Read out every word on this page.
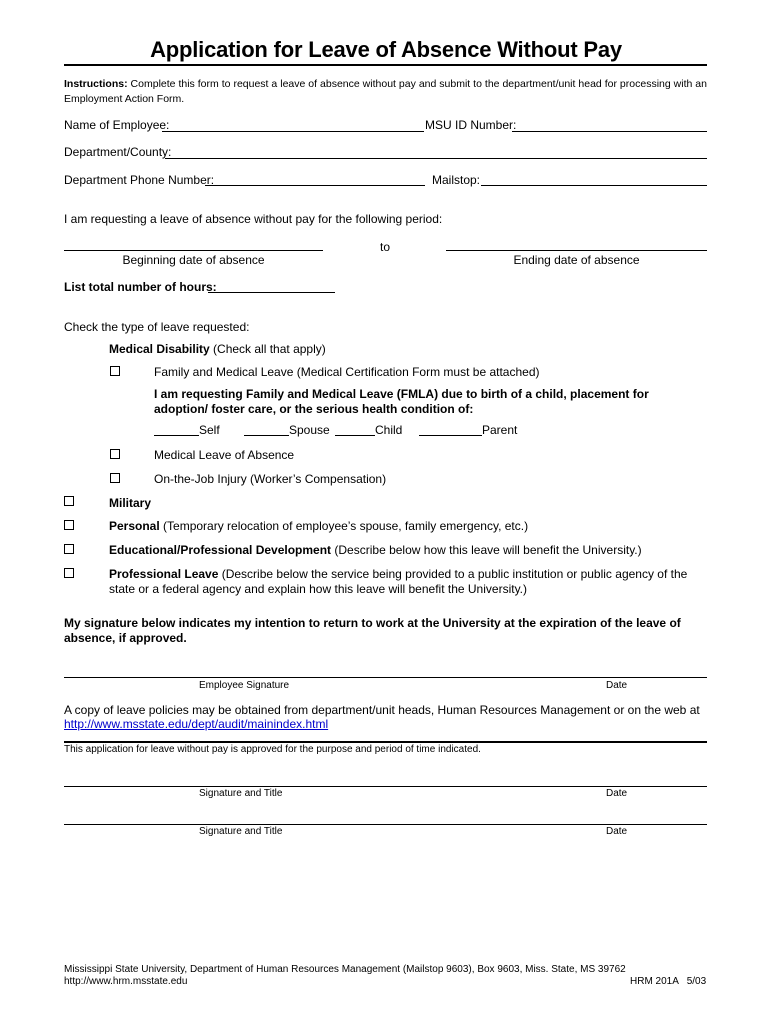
Application for Leave of Absence Without Pay
Instructions: Complete this form to request a leave of absence without pay and submit to the department/unit head for processing with an Employment Action Form.
Name of Employee:	MSU ID Number:
Department/County:
Department Phone Number:	Mailstop:
I am requesting a leave of absence without pay for the following period:
to
Beginning date of absence	Ending date of absence
List total number of hours:
Check the type of leave requested:
Medical Disability (Check all that apply)
Family and Medical Leave (Medical Certification Form must be attached)
I am requesting Family and Medical Leave (FMLA) due to birth of a child, placement for adoption/ foster care, or the serious health condition of:
Self	Spouse	Child	Parent
Medical Leave of Absence
On-the-Job Injury (Worker’s Compensation)
Military
Personal (Temporary relocation of employee’s spouse, family emergency, etc.)
Educational/Professional Development (Describe below how this leave will benefit the University.)
Professional Leave (Describe below the service being provided to a public institution or public agency of the state or a federal agency and explain how this leave will benefit the University.)
My signature below indicates my intention to return to work at the University at the expiration of the leave of absence, if approved.
Employee Signature	Date
A copy of leave policies may be obtained from department/unit heads, Human Resources Management or on the web at
http://www.msstate.edu/dept/audit/mainindex.html
This application for leave without pay is approved for the purpose and period of time indicated.
Signature and Title	Date
Signature and Title	Date
Mississippi State University, Department of Human Resources Management (Mailstop 9603), Box 9603, Miss. State, MS 39762
http://www.hrm.msstate.edu	HRM 201A   5/03
